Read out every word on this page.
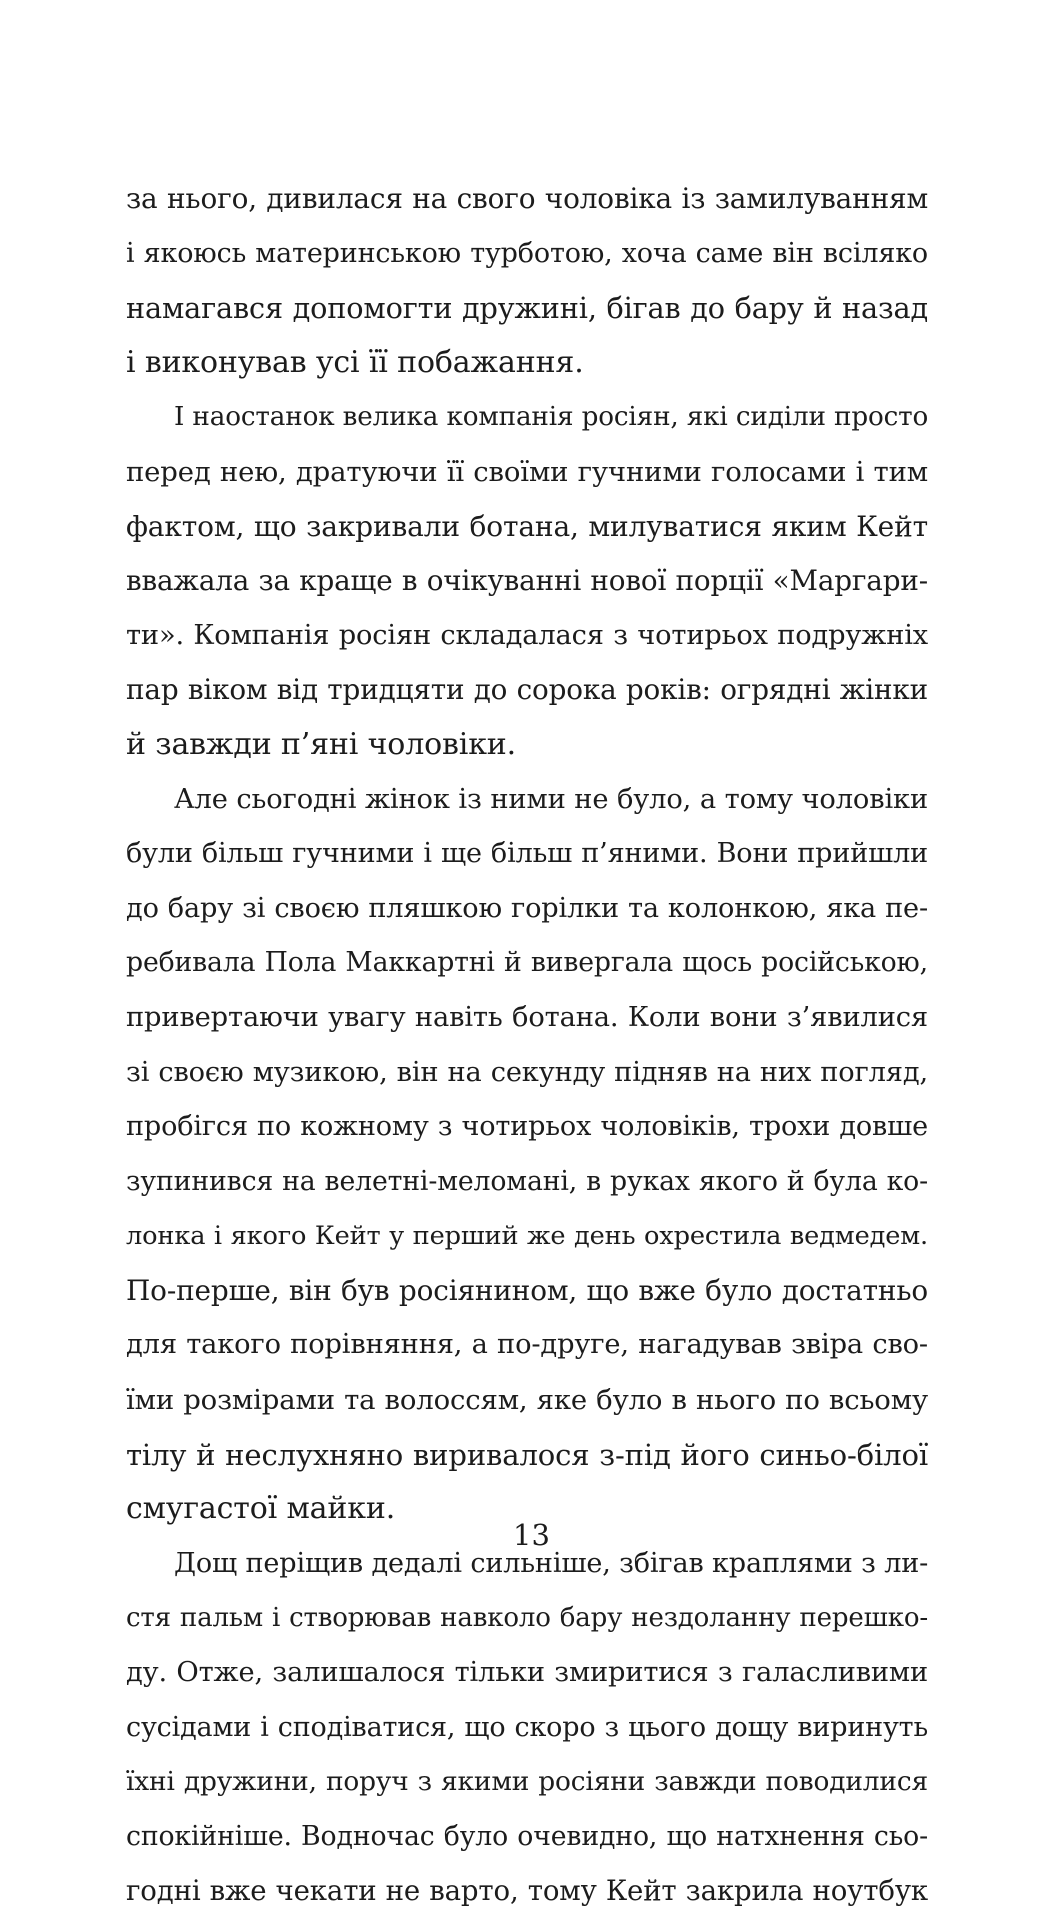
за нього, дивилася на свого чоловіка із замилуванням
і якоюсь материнською турботою, хоча саме він всіляко
намагався допомогти дружині, бігав до бару й назад
і виконував усі її побажання.
І наостанок велика компанія росіян, які сиділи просто
перед нею, дратуючи її своїми гучними голосами і тим
фактом, що закривали ботана, милуватися яким Кейт
вважала за краще в очікуванні нової порції «Маргари-
ти». Компанія росіян складалася з чотирьох подружніх
пар віком від тридцяти до сорока років: огрядні жінки
й завжди п’яні чоловіки.
Але сьогодні жінок із ними не було, а тому чоловіки
були більш гучними і ще більш п’яними. Вони прийшли
до бару зі своєю пляшкою горілки та колонкою, яка пе-
ребивала Пола Маккартні й вивергала щось російською,
привертаючи увагу навіть ботана. Коли вони з’явилися
зі своєю музикою, він на секунду підняв на них погляд,
пробігся по кожному з чотирьох чоловіків, трохи довше
зупинився на велетні-меломані, в руках якого й була ко-
лонка і якого Кейт у перший же день охрестила ведмедем.
По-перше, він був росіянином, що вже було достатньо
для такого порівняння, а по-друге, нагадував звіра сво-
їми розмірами та волоссям, яке було в нього по всьому
тілу й неслухняно виривалося з-під його синьо-білої
смугастої майки.
Дощ періщив дедалі сильніше, збігав краплями з ли-
стя пальм і створював навколо бару нездоланну перешко-
ду. Отже, залишалося тільки змиритися з галасливими
сусідами і сподіватися, що скоро з цього дощу виринуть
їхні дружини, поруч з якими росіяни завжди поводилися
спокійніше. Водночас було очевидно, що натхнення сьо-
годні вже чекати не варто, тому Кейт закрила ноутбук
13
